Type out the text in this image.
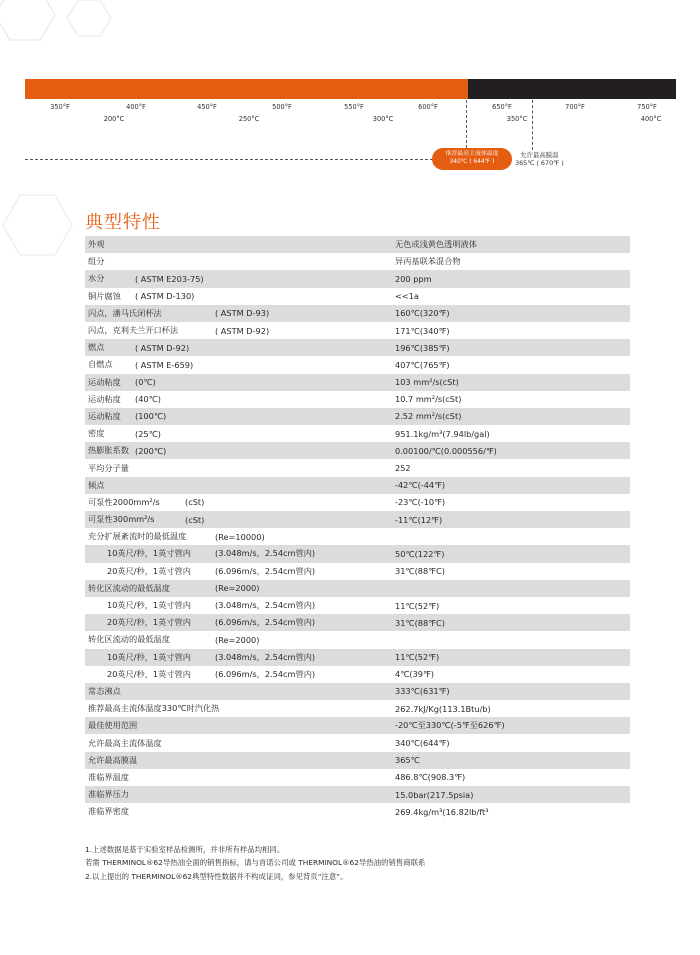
350°F	400°F	450°F	500°F	550°F	600°F	650°F	700°F	750°F
200°C	250°C	300°C	350°C	400°C
推荐最高主流体温度
340℃ ( 644℉ )
允许最高膜温
365℃ ( 670℉ )
典型特性
外观	无色或浅黄色透明液体
组分	异丙基联苯混合物
水分	( ASTM E203-75)	200 ppm
铜片腐蚀 ( ASTM D-130)	<<1a
闪点，潘马氏闭杯法	( ASTM D-93)	160℃(320℉)
闪点，克利夫兰开口杯法	( ASTM D-92)	171℃(340℉)
燃点	( ASTM D-92)	196℃(385℉)
自燃点	( ASTM E-659)	407℃(765℉)
运动粘度 (0℃)	103 mm²/s(cSt)
运动粘度 (40℃)	10.7 mm²/s(cSt)
运动粘度 (100℃)	2.52 mm²/s(cSt)
密度	(25℃)	951.1kg/m³(7.94lb/gal)
热膨胀系数 (200℃)	0.00100/℃(0.000556/℉)
平均分子量	252
倾点	-42℃(-44℉)
可泵性2000mm²/s	(cSt)	-23℃(-10℉)
可泵性300mm²/s	(cSt)	-11℃(12℉)
充分扩展紊流时的最低温度	(Re=10000)
10英尺/秒，1英寸管内	(3.048m/s，2.54cm管内)	50℃(122℉)
20英尺/秒，1英寸管内	(6.096m/s，2.54cm管内)	31℃(88℉C)
转化区流动的最低温度	(Re=2000)
10英尺/秒，1英寸管内	(3.048m/s，2.54cm管内)	11℃(52℉)
20英尺/秒，1英寸管内	(6.096m/s，2.54cm管内)	31℃(88℉C)
转化区流动的最低温度	(Re=2000)
10英尺/秒，1英寸管内	(3.048m/s，2.54cm管内)	11℃(52℉)
20英尺/秒，1英寸管内	(6.096m/s，2.54cm管内)	4℃(39℉)
常态沸点	333℃(631℉)
推荐最高主流体温度330℃时汽化热	262.7kJ/Kg(113.1Btu/b)
最佳使用范围	-20℃至330℃(-5℉至626℉)
允许最高主流体温度	340℃(644℉)
允许最高膜温	365℃
准临界温度	486.8℃(908.3℉)
准临界压力	15.0bar(217.5psia)
准临界密度	269.4kg/m³(16.82lb/ft³
1.上述数据是基于实验室样品检测所，并非所有样品均相同。
若需 THERMINOL®62导热油全面的销售指标，请与首诺公司或 THERMINOL®62导热油的销售商联系
2.以上提出的 THERMINOL®62典型特性数据并不构成证词，参见背页“注意”。
